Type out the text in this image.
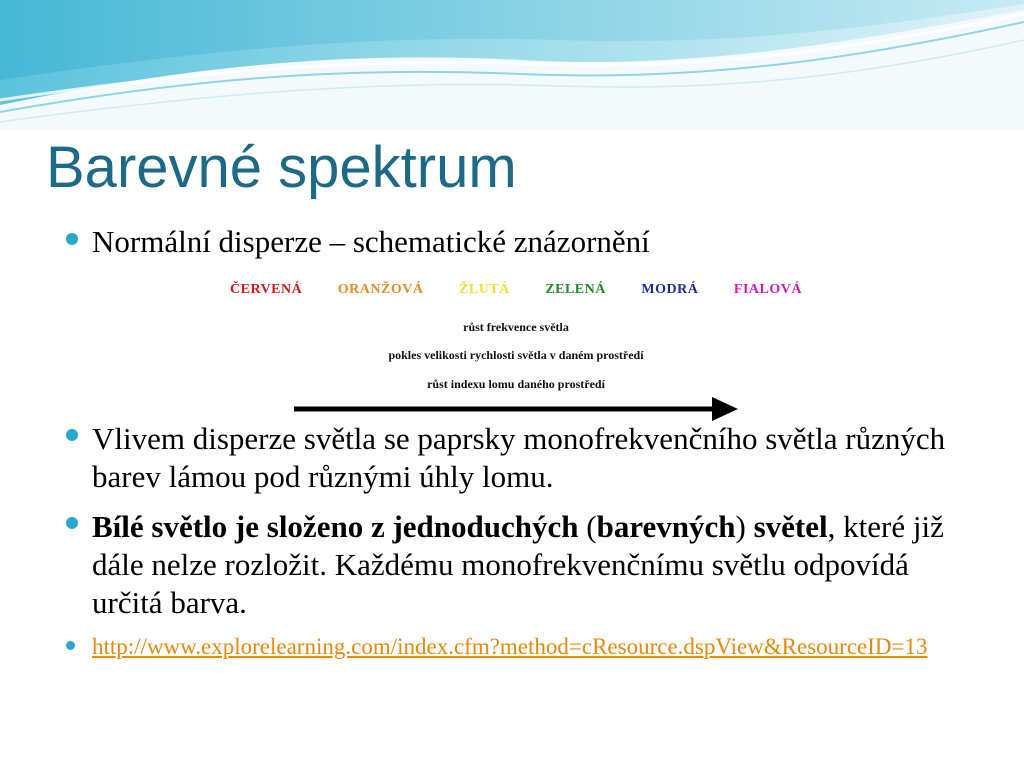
Barevné spektrum
Normální disperze – schematické znázornění
ČERVENÁ	ORANŽOVÁ	ŽLUTÁ	ZELENÁ	MODRÁ	FIALOVÁ
růst frekvence světla
pokles velikosti rychlosti světla v daném prostředí
růst indexu lomu daného prostředí
Vlivem disperze světla se paprsky monofrekvenčního světla různých barev lámou pod různými úhly lomu.
Bílé světlo je složeno z jednoduchých (barevných) světel, které již dále nelze rozložit. Každému monofrekvenčnímu světlu odpovídá určitá barva.
http://www.explorelearning.com/index.cfm?method=cResource.dspView&ResourceID=13
